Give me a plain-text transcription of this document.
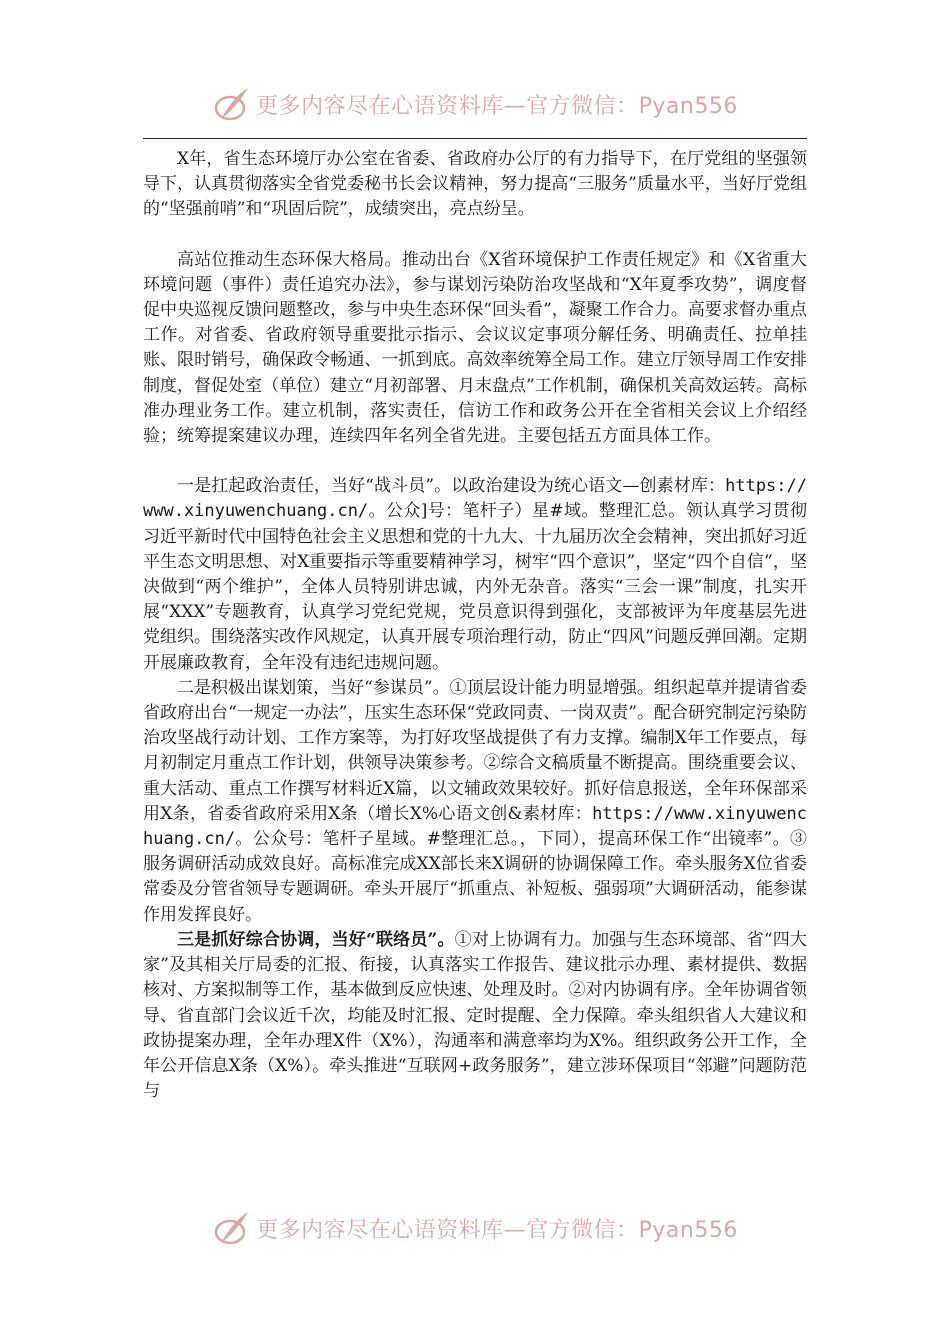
更多内容尽在心语资料库—官方微信：Pyan556

X年，省生态环境厅办公室在省委、省政府办公厅的有力指导下，在厅党组的坚强领导下，认真贯彻落实全省党委秘书长会议精神，努力提高“三服务”质量水平，当好厅党组的“坚强前哨”和“巩固后院”，成绩突出，亮点纷呈。

高站位推动生态环保大格局。推动出台《X省环境保护工作责任规定》和《X省重大环境问题（事件）责任追究办法》，参与谋划污染防治攻坚战和“X年夏季攻势”，调度督促中央巡视反馈问题整改，参与中央生态环保“回头看”，凝聚工作合力。高要求督办重点工作。对省委、省政府领导重要批示指示、会议议定事项分解任务、明确责任、拉单挂账、限时销号，确保政令畅通、一抓到底。高效率统筹全局工作。建立厅领导周工作安排制度，督促处室（单位）建立“月初部署、月末盘点”工作机制，确保机关高效运转。高标准办理业务工作。建立机制，落实责任，信访工作和政务公开在全省相关会议上介绍经验；统筹提案建议办理，连续四年名列全省先进。主要包括五方面具体工作。

一是扛起政治责任，当好“战斗员”。以政治建设为统心语文—创素材库：https://www.xinyuwenchuang.cn/。公众]号：笔杆子）星#域。整理汇总。领认真学习贯彻习近平新时代中国特色社会主义思想和党的十九大、十九届历次全会精神，突出抓好习近平生态文明思想、对X重要指示等重要精神学习，树牢“四个意识”，坚定“四个自信”，坚决做到“两个维护”，全体人员特别讲忠诚，内外无杂音。落实“三会一课”制度，扎实开展“XXX”专题教育，认真学习党纪党规，党员意识得到强化，支部被评为年度基层先进党组织。围绕落实改作风规定，认真开展专项治理行动，防止“四风”问题反弹回潮。定期开展廉政教育，全年没有违纪违规问题。

二是积极出谋划策，当好“参谋员”。①顶层设计能力明显增强。组织起草并提请省委省政府出台“一规定一办法”，压实生态环保“党政同责、一岗双责”。配合研究制定污染防治攻坚战行动计划、工作方案等，为打好攻坚战提供了有力支撑。编制X年工作要点，每月初制定月重点工作计划，供领导决策参考。②综合文稿质量不断提高。围绕重要会议、重大活动、重点工作撰写材料近X篇，以文辅政效果较好。抓好信息报送，全年环保部采用X条，省委省政府采用X条（增长X%心语文创&素材库：https://www.xinyuwenchuang.cn/。公众号：笔杆子星域。#整理汇总。，下同），提高环保工作“出镜率”。③服务调研活动成效良好。高标准完成XX部长来X调研的协调保障工作。牵头服务X位省委常委及分管省领导专题调研。牵头开展厅“抓重点、补短板、强弱项”大调研活动，能参谋作用发挥良好。

三是抓好综合协调，当好“联络员”。①对上协调有力。加强与生态环境部、省“四大家”及其相关厅局委的汇报、衔接，认真落实工作报告、建议批示办理、素材提供、数据核对、方案拟制等工作，基本做到反应快速、处理及时。②对内协调有序。全年协调省领导、省直部门会议近千次，均能及时汇报、定时提醒、全力保障。牵头组织省人大建议和政协提案办理，全年办理X件（X%），沟通率和满意率均为X%。组织政务公开工作，全年公开信息X条（X%）。牵头推进“互联网+政务服务”，建立涉环保项目“邻避”问题防范与

更多内容尽在心语资料库—官方微信：Pyan556
